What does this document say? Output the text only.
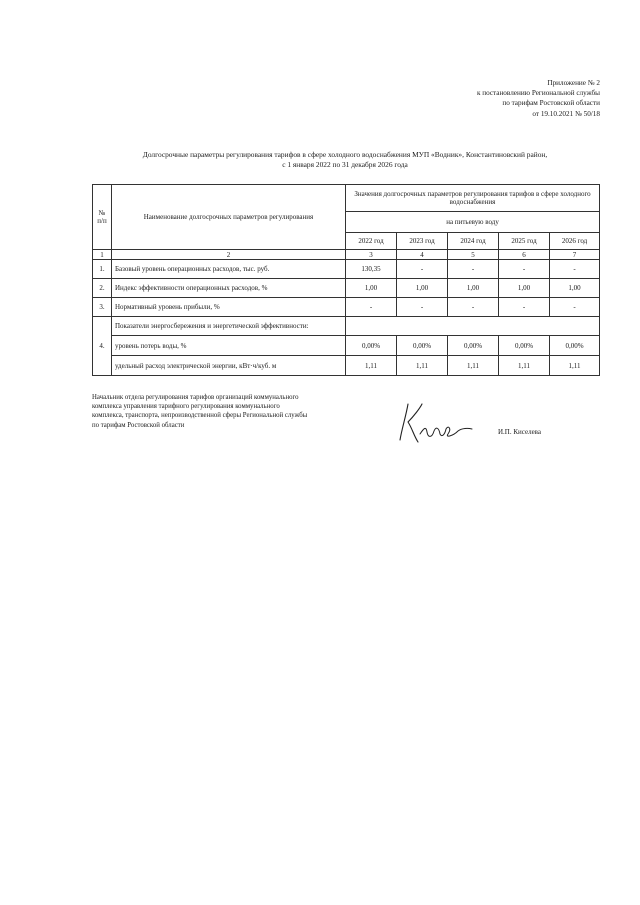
Приложение № 2
к постановлению Региональной службы
по тарифам Ростовской области
от 19.10.2021 № 50/18
Долгосрочные параметры регулирования тарифов в сфере холодного водоснабжения МУП «Водник», Константиновский район,
с 1 января 2022 по 31 декабря 2026 года
№ п/п	Наименование долгосрочных параметров регулирования	Значения долгосрочных параметров регулирования тарифов в сфере холодного водоснабжения				
		на питьевую воду				
		2022 год	2023 год	2024 год	2025 год	2026 год
1	2	3	4	5	6	7
1.	Базовый уровень операционных расходов, тыс. руб.	130,35	-	-	-	-
2.	Индекс эффективности операционных расходов, %	1,00	1,00	1,00	1,00	1,00
3.	Нормативный уровень прибыли, %	-	-	-	-	-
4.	Показатели энергосбережения и энергетической эффективности:					
	уровень потерь воды, %	0,00%	0,00%	0,00%	0,00%	0,00%
	удельный расход электрической энергии, кВт·ч/куб. м	1,11	1,11	1,11	1,11	1,11
Начальник отдела регулирования тарифов организаций коммунального
комплекса управления тарифного регулирования коммунального
комплекса, транспорта, непроизводственной сферы Региональной службы
по тарифам Ростовской области
И.П. Киселева
